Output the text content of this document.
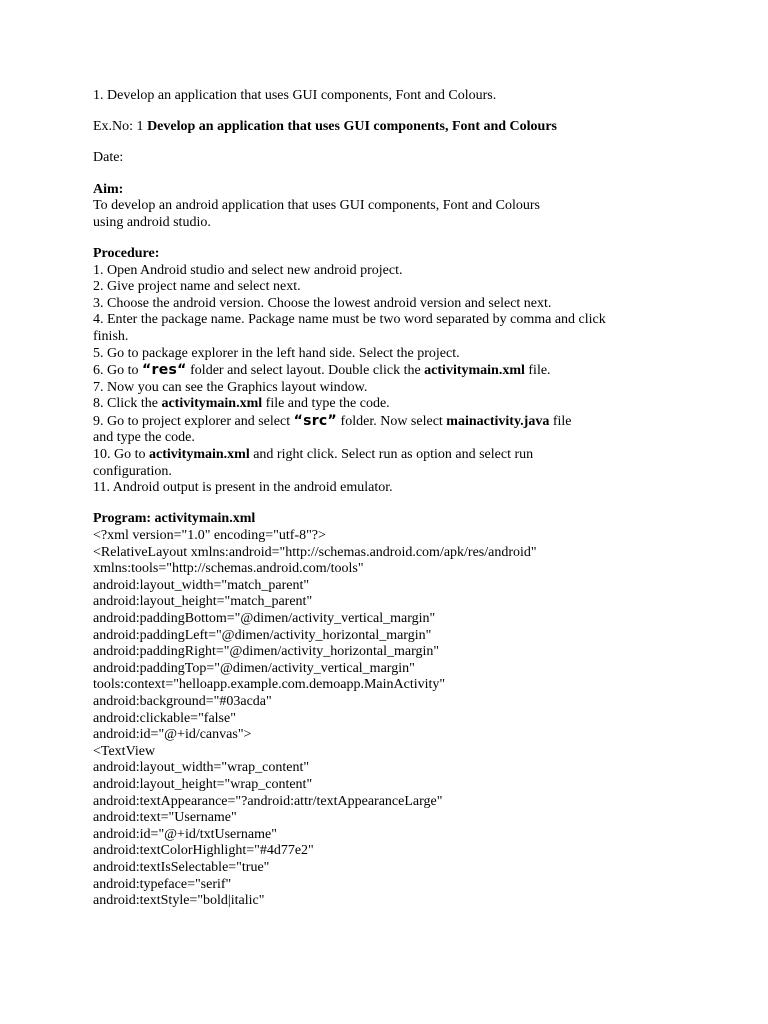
1. Develop an application that uses GUI components, Font and Colours.
Ex.No: 1 Develop an application that uses GUI components, Font and Colours
Date:
Aim:
To develop an android application that uses GUI components, Font and Colours
using android studio.
Procedure:
1. Open Android studio and select new android project.
2. Give project name and select next.
3. Choose the android version. Choose the lowest android version and select next.
4. Enter the package name. Package name must be two word separated by comma and click
finish.
5. Go to package explorer in the left hand side. Select the project.
6. Go to “res“ folder and select layout. Double click the activitymain.xml file.
7. Now you can see the Graphics layout window.
8. Click the activitymain.xml file and type the code.
9. Go to project explorer and select “src” folder. Now select mainactivity.java file
and type the code.
10. Go to activitymain.xml and right click. Select run as option and select run
configuration.
11. Android output is present in the android emulator.
Program: activitymain.xml
<?xml version="1.0" encoding="utf-8"?>
<RelativeLayout xmlns:android="http://schemas.android.com/apk/res/android"
xmlns:tools="http://schemas.android.com/tools"
android:layout_width="match_parent"
android:layout_height="match_parent"
android:paddingBottom="@dimen/activity_vertical_margin"
android:paddingLeft="@dimen/activity_horizontal_margin"
android:paddingRight="@dimen/activity_horizontal_margin"
android:paddingTop="@dimen/activity_vertical_margin"
tools:context="helloapp.example.com.demoapp.MainActivity"
android:background="#03acda"
android:clickable="false"
android:id="@+id/canvas">
<TextView
android:layout_width="wrap_content"
android:layout_height="wrap_content"
android:textAppearance="?android:attr/textAppearanceLarge"
android:text="Username"
android:id="@+id/txtUsername"
android:textColorHighlight="#4d77e2"
android:textIsSelectable="true"
android:typeface="serif"
android:textStyle="bold|italic"
